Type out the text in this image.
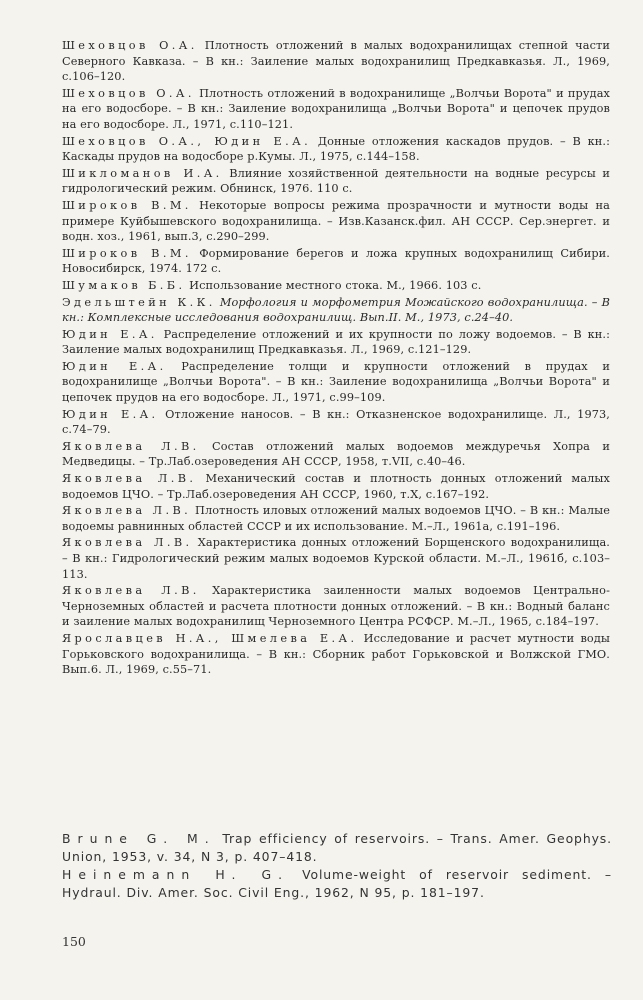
Шеховцов О.А. Плотность отложений в малых водохранилищах степной части Северного Кавказа. – В кн.: Заиление малых водохранилищ Предкавказья. Л., 1969, с.106–120.

Шеховцов О.А. Плотность отложений в водохранилище „Волчьи Ворота" и прудах на его водосборе. – В кн.: Заиление водохранилища „Волчьи Ворота" и цепочек прудов на его водосборе. Л., 1971, с.110–121.

Шеховцов О.А., Юдин Е.А. Донные отложения каскадов прудов. – В кн.: Каскады прудов на водосборе р.Кумы. Л., 1975, с.144–158.

Шикломанов И.А. Влияние хозяйственной деятельности на водные ресурсы и гидрологический режим. Обнинск, 1976. 110 с.

Широков В.М. Некоторые вопросы режима прозрачности и мутности воды на примере Куйбышевского водохранилища. – Изв.Казанск.фил. АН СССР. Сер.энергет. и водн. хоз., 1961, вып.3, с.290–299.

Широков В.М. Формирование берегов и ложа крупных водохранилищ Сибири. Новосибирск, 1974. 172 с.

Шумаков Б.Б. Использование местного стока. М., 1966. 103 с.

Эдельштейн К.К. Морфология и морфометрия Можайского водохранилища. – В кн.: Комплексные исследования водохранилищ. Вып.II. М., 1973, с.24–40.

Юдин Е.А. Распределение отложений и их крупности по ложу водоемов. – В кн.: Заиление малых водохранилищ Предкавказья. Л., 1969, с.121–129.

Юдин Е.А. Распределение толщи и крупности отложений в прудах и водохранилище „Волчьи Ворота". – В кн.: Заиление водохранилища „Волчьи Ворота" и цепочек прудов на его водосборе. Л., 1971, с.99–109.

Юдин Е.А. Отложение наносов. – В кн.: Отказненское водохранилище. Л., 1973, с.74–79.

Яковлева Л.В. Состав отложений малых водоемов междуречья Хопра и Медведицы. – Тр.Лаб.озероведения АН СССР, 1958, т.VII, с.40–46.

Яковлева Л.В. Механический состав и плотность донных отложений малых водоемов ЦЧО. – Тр.Лаб.озероведения АН СССР, 1960, т.X, с.167–192.

Яковлева Л.В. Плотность иловых отложений малых водоемов ЦЧО. – В кн.: Малые водоемы равнинных областей СССР и их использование. М.–Л., 1961а, с.191–196.

Яковлева Л.В. Характеристика донных отложений Борщенского водохранилища. – В кн.: Гидрологический режим малых водоемов Курской области. М.–Л., 1961б, с.103–113.

Яковлева Л.В. Характеристика заиленности малых водоемов Центрально-Черноземных областей и расчета плотности донных отложений. – В кн.: Водный баланс и заиление малых водохранилищ Черноземного Центра РСФСР. М.–Л., 1965, с.184–197.

Ярославцев Н.А., Шмелева Е.А. Исследование и расчет мутности воды Горьковского водохранилища. – В кн.: Сборник работ Горьковской и Волжской ГМО. Вып.6. Л., 1969, с.55–71.

Brune G. M. Trap efficiency of reservoirs. – Trans. Amer. Geophys. Union, 1953, v. 34, N 3, p. 407–418.

Heinemann H. G. Volume-weight of reservoir sediment. – Hydraul. Div. Amer. Soc. Civil Eng., 1962, N 95, p. 181–197.

150
